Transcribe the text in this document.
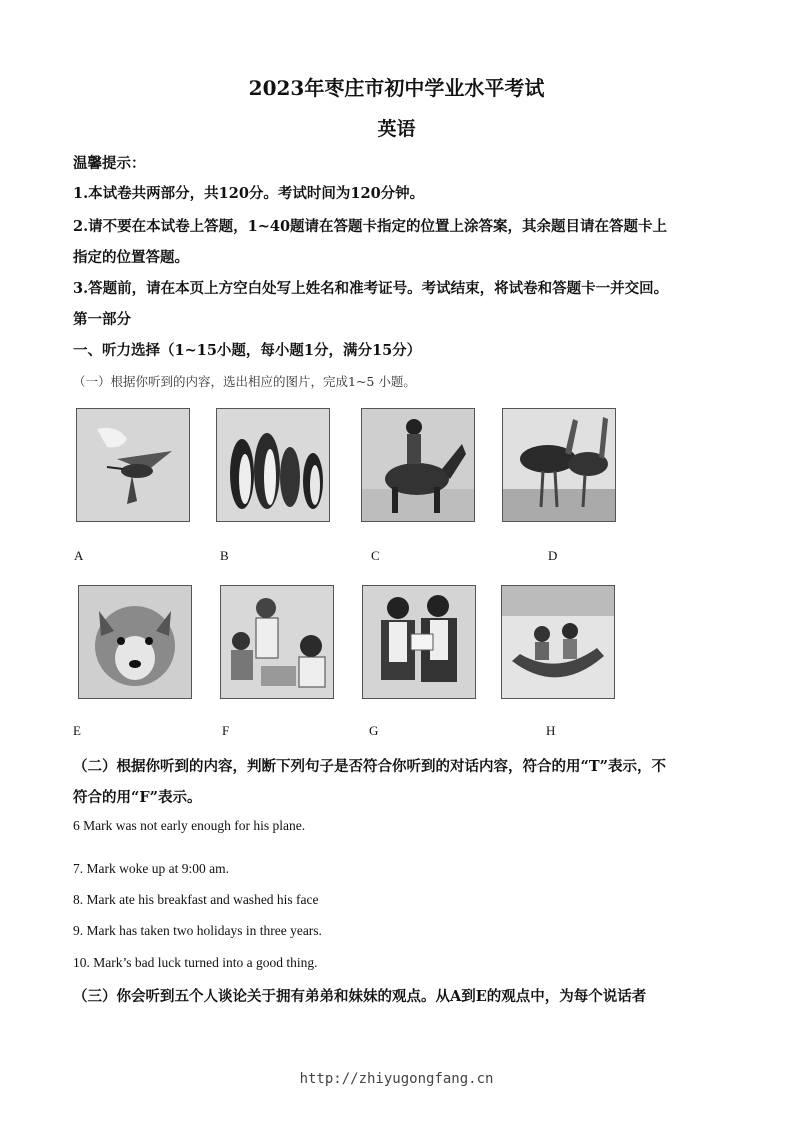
2023年枣庄市初中学业水平考试
英语
温馨提示：
1.本试卷共两部分，共120分。考试时间为120分钟。
2.请不要在本试卷上答题，1~40题请在答题卡指定的位置上涂答案，其余题目请在答题卡上
指定的位置答题。
3.答题前，请在本页上方空白处写上姓名和准考证号。考试结束，将试卷和答题卡一并交回。
第一部分
一、听力选择（1~15小题，每小题1分，满分15分）
（一）根据你听到的内容，选出相应的图片，完成1~5 小题。
A	B	C	D
E	F	G	H
（二）根据你听到的内容，判断下列句子是否符合你听到的对话内容，符合的用“T”表示，不
符合的用“F”表示。
6 Mark was not early enough for his plane.
7. Mark woke up at 9:00 am.
8. Mark ate his breakfast and washed his face
9. Mark has taken two holidays in three years.
10. Mark’s bad luck turned into a good thing.
（三）你会听到五个人谈论关于拥有弟弟和妹妹的观点。从A到E的观点中，为每个说话者
http://zhiyugongfang.cn
